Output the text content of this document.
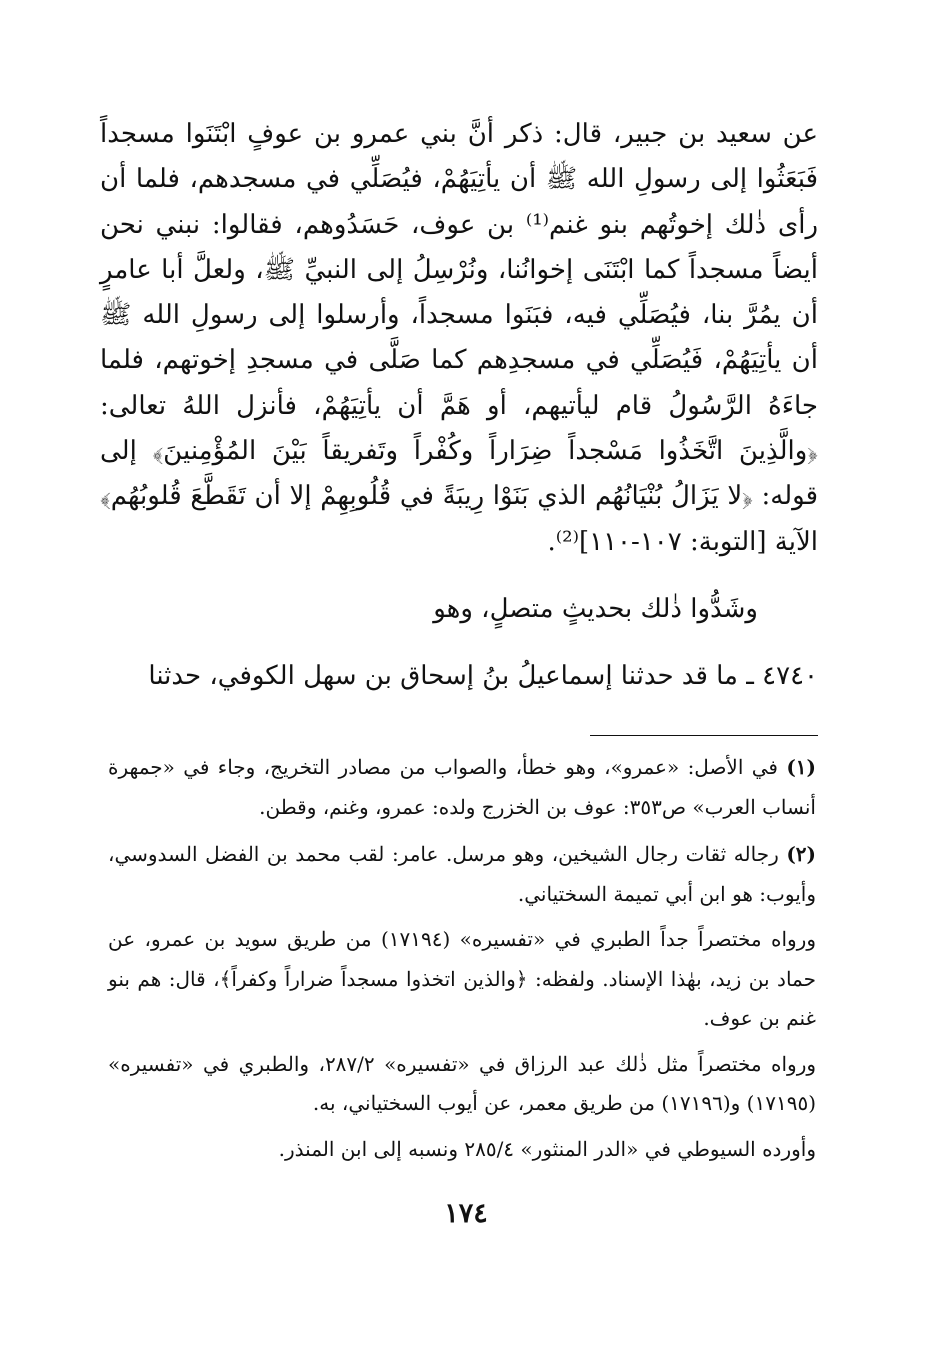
عن سعيد بن جبير، قال: ذكر أنَّ بني عمرو بن عوفٍ ابْتَنَوا مسجداً فَبَعَثُوا إلى رسولِ الله ﷺ أن يأتِيَهُمْ، فيُصَلِّي في مسجدهم، فلما أن رأى ذٰلك إخوتُهم بنو غنم⁽¹⁾ بن عوف، حَسَدُوهم، فقالوا: نبني نحن أيضاً مسجداً كما ابْتَنَى إخوانُنا، ونُرْسِلُ إلى النبيِّ ﷺ، ولعلَّ أبا عامرٍ أن يمُرَّ بنا، فيُصَلِّي فيه، فبَنَوا مسجداً، وأرسلوا إلى رسولِ الله ﷺ أن يأتِيَهُمْ، فَيُصَلِّي في مسجدِهم كما صَلَّى في مسجدِ إخوتهم، فلما جاءَهُ الرَّسُولُ قام ليأتيهم، أو هَمَّ أن يأتِيَهُمْ، فأنزل اللهُ تعالى: ﴿والَّذِينَ اتَّخَذُوا مَسْجداً ضِرَاراً وكُفْراً وتَفريقاً بَيْنَ المُؤْمِنينَ﴾ إلى قوله: ﴿لا يَزَالُ بُنْيَانُهُم الذي بَنَوْا رِيبَةً في قُلُوبِهِمْ إلا أن تَقَطَّعَ قُلوبُهُم﴾ الآية [التوبة: ١٠٧-١١٠]⁽²⁾.

وشَدُّوا ذٰلك بحديثٍ متصلٍ، وهو

٤٧٤٠ ـ ما قد حدثنا إسماعيلُ بنُ إسحاق بن سهل الكوفي، حدثنا

(١) في الأصل: «عمرو»، وهو خطأ، والصواب من مصادر التخريج، وجاء في «جمهرة أنساب العرب» ص٣٥٣: عوف بن الخزرج ولده: عمرو، وغنم، وقطن.

(٢) رجاله ثقات رجال الشيخين، وهو مرسل. عامر: لقب محمد بن الفضل السدوسي، وأيوب: هو ابن أبي تميمة السختياني.

ورواه مختصراً جداً الطبري في «تفسيره» (١٧١٩٤) من طريق سويد بن عمرو، عن حماد بن زيد، بهٰذا الإسناد. ولفظه: ﴿والذين اتخذوا مسجداً ضراراً وكفراً﴾، قال: هم بنو غنم بن عوف.

ورواه مختصراً مثل ذٰلك عبد الرزاق في «تفسيره» ٢٨٧/٢، والطبري في «تفسيره» (١٧١٩٥) و(١٧١٩٦) من طريق معمر، عن أيوب السختياني، به.

وأورده السيوطي في «الدر المنثور» ٢٨٥/٤ ونسبه إلى ابن المنذر.

١٧٤
